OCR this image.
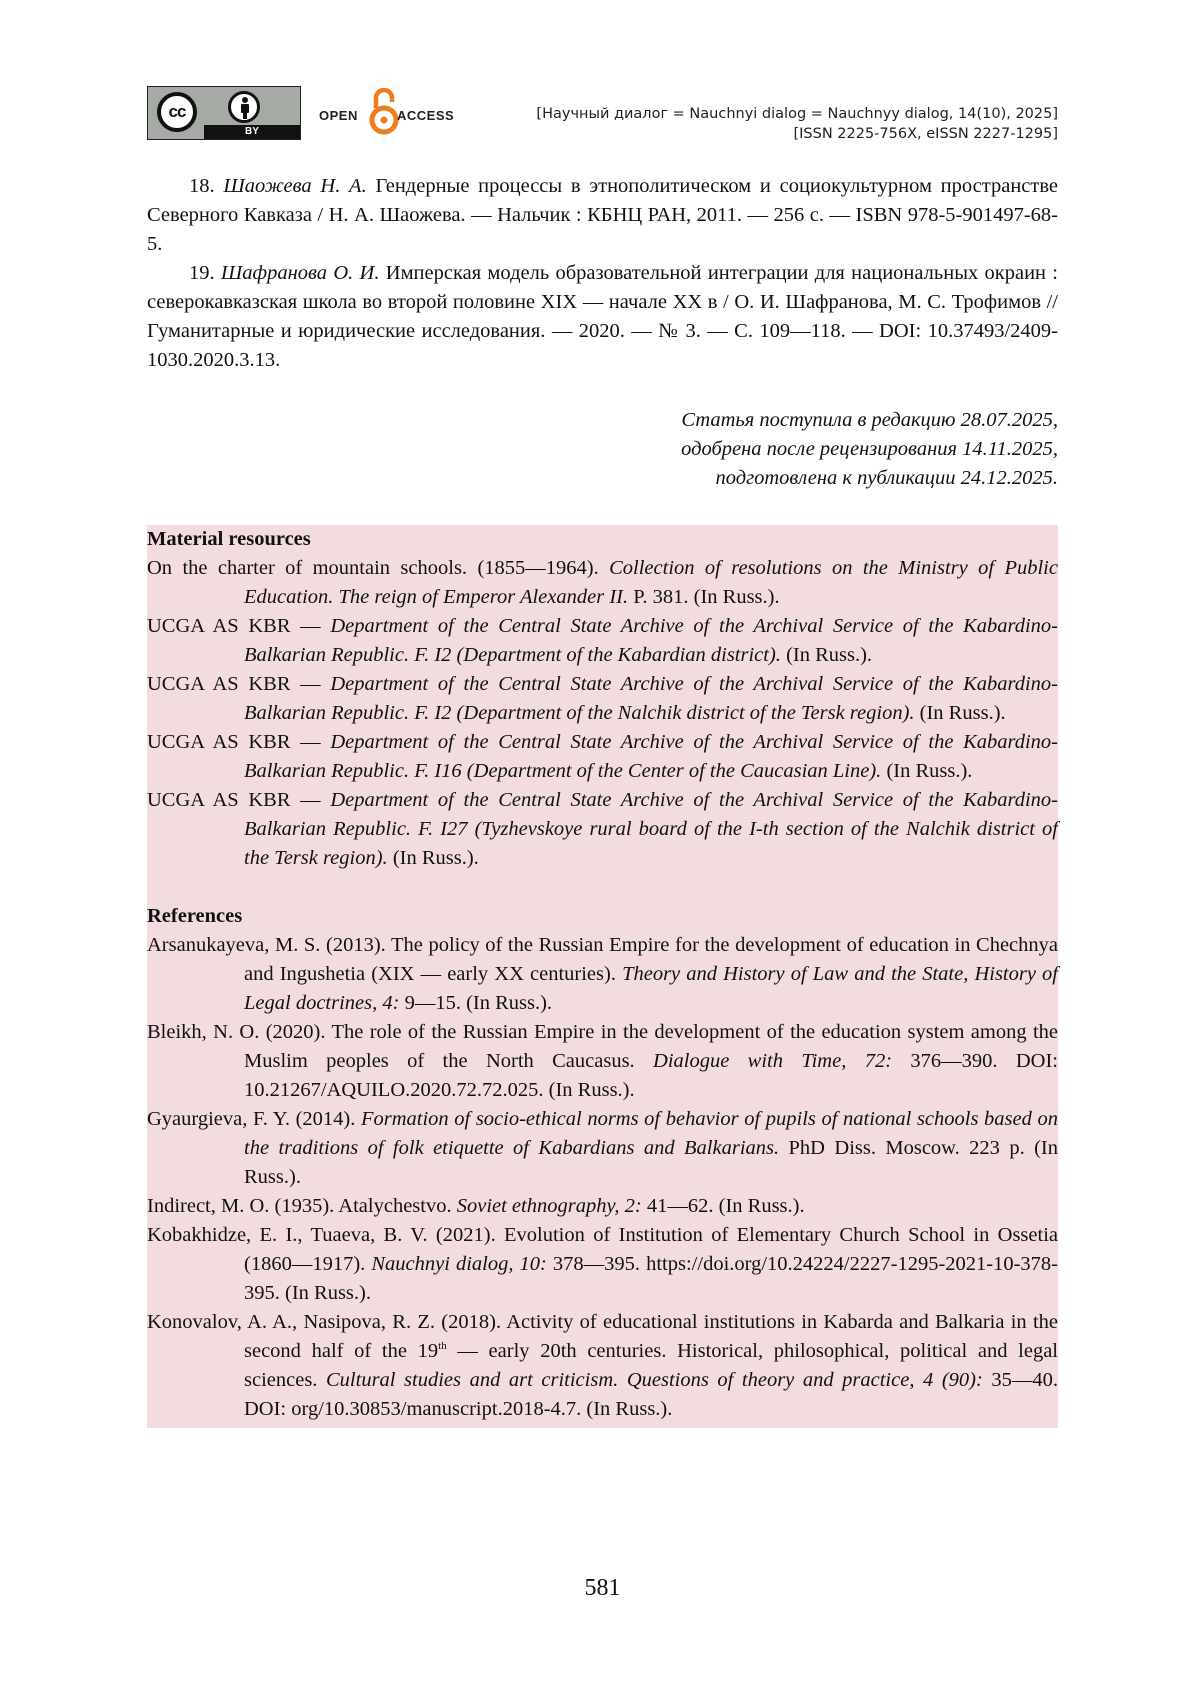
cc
BY
OPEN	ACCESS	[Научный диалог = Nauchnyi dialog = Nauchnyy dialog, 14(10), 2025]
[ISSN 2225-756X, eISSN 2227-1295]

18. Шаожева Н. А. Гендерные процессы в этнополитическом и социокультурном пространстве Северного Кавказа / Н. А. Шаожева. — Нальчик : КБНЦ РАН, 2011. — 256 с. — ISBN 978-5-901497-68-5.

19. Шафранова О. И. Имперская модель образовательной интеграции для национальных окраин : северокавказская школа во второй половине XIX — начале XX в / О. И. Шафранова, М. С. Трофимов // Гуманитарные и юридические исследования. — 2020. — № 3. — С. 109—118. — DOI: 10.37493/2409-1030.2020.3.13.

Статья поступила в редакцию 28.07.2025,
одобрена после рецензирования 14.11.2025,
подготовлена к публикации 24.12.2025.
Material resources
On the charter of mountain schools. (1855—1964). Collection of resolutions on the Ministry of Public Education. The reign of Emperor Alexander II. P. 381. (In Russ.).
UCGA AS KBR — Department of the Central State Archive of the Archival Service of the Kabardino-Balkarian Republic. F. I2 (Department of the Kabardian district). (In Russ.).
UCGA AS KBR — Department of the Central State Archive of the Archival Service of the Kabardino-Balkarian Republic. F. I2 (Department of the Nalchik district of the Tersk region). (In Russ.).
UCGA AS KBR — Department of the Central State Archive of the Archival Service of the Kabardino-Balkarian Republic. F. I16 (Department of the Center of the Caucasian Line). (In Russ.).
UCGA AS KBR — Department of the Central State Archive of the Archival Service of the Kabardino-Balkarian Republic. F. I27 (Tyzhevskoye rural board of the I-th section of the Nalchik district of the Tersk region). (In Russ.).
References
Arsanukayeva, M. S. (2013). The policy of the Russian Empire for the development of education in Chechnya and Ingushetia (XIX — early XX centuries). Theory and History of Law and the State, History of Legal doctrines, 4: 9—15. (In Russ.).
Bleikh, N. O. (2020). The role of the Russian Empire in the development of the education system among the Muslim peoples of the North Caucasus. Dialogue with Time, 72: 376—390. DOI: 10.21267/AQUILO.2020.72.72.025. (In Russ.).
Gyaurgieva, F. Y. (2014). Formation of socio-ethical norms of behavior of pupils of national schools based on the traditions of folk etiquette of Kabardians and Balkarians. PhD Diss. Moscow. 223 p. (In Russ.).
Indirect, M. O. (1935). Atalychestvo. Soviet ethnography, 2: 41—62. (In Russ.).
Kobakhidze, E. I., Tuaeva, B. V. (2021). Evolution of Institution of Elementary Church School in Ossetia (1860—1917). Nauchnyi dialog, 10: 378—395. https://doi.org/10.24224/2227-1295-2021-10-378-395. (In Russ.).
Konovalov, A. A., Nasipova, R. Z. (2018). Activity of educational institutions in Kabarda and Balkaria in the second half of the 19th — early 20th centuries. Historical, philosophical, political and legal sciences. Cultural studies and art criticism. Questions of theory and practice, 4 (90): 35—40. DOI: org/10.30853/manuscript.2018-4.7. (In Russ.).
581
